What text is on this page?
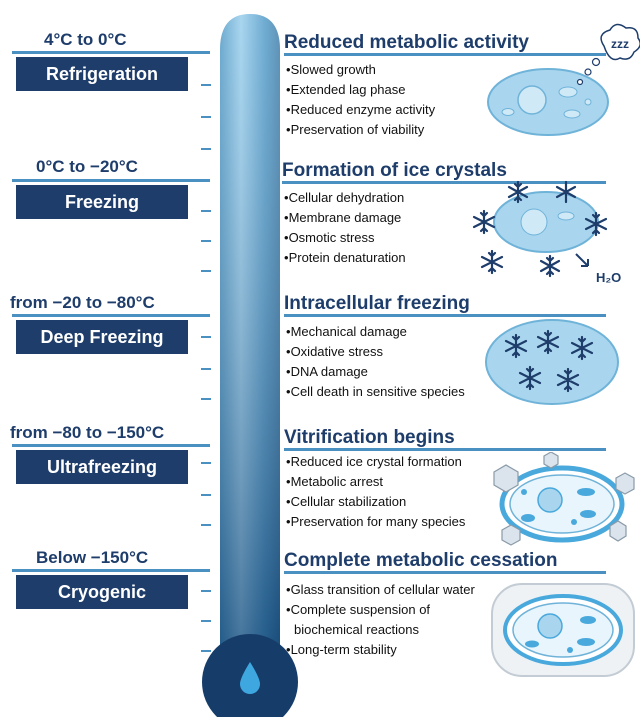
4°C to 0°C
Refrigeration
0°C to −20°C
Freezing
from −20 to −80°C
Deep Freezing
from −80 to −150°C
Ultrafreezing
Below −150°C
Cryogenic
Reduced metabolic activity
• Slowed growth
• Extended lag phase
• Reduced enzyme activity
• Preservation of viability
Formation of ice crystals
• Cellular dehydration
• Membrane damage
• Osmotic stress
• Protein denaturation
Intracellular freezing
• Mechanical damage
• Oxidative stress
• DNA damage
• Cell death in sensitive species
Vitrification begins
• Reduced ice crystal formation
• Metabolic arrest
• Cellular stabilization
• Preservation for many species
Complete metabolic cessation
• Glass transition of cellular water
• Complete suspension of
biochemical reactions
• Long-term stability
zzz
H₂O
